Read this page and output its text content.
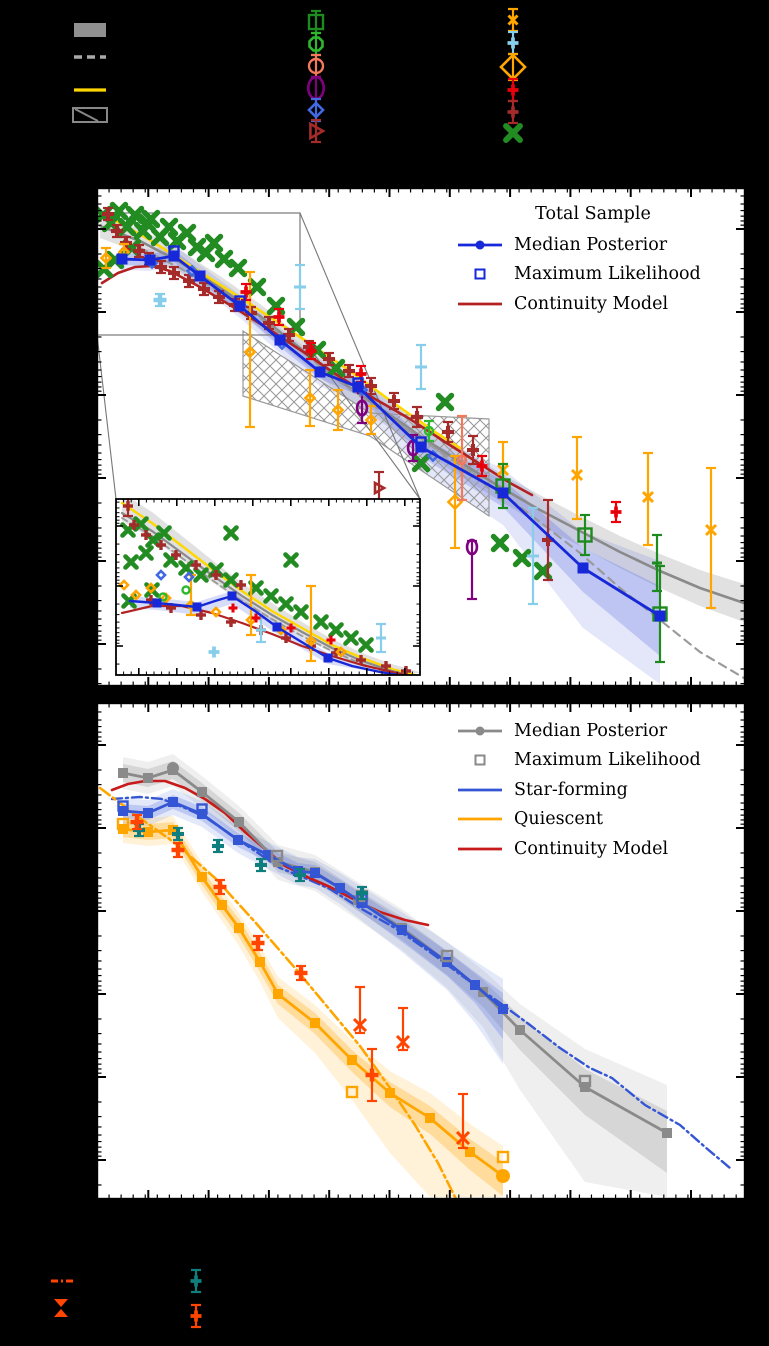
Total Sample
Median Posterior
Maximum Likelihood
Continuity Model
Median Posterior
Maximum Likelihood
Star-forming
Quiescent
Continuity Model
